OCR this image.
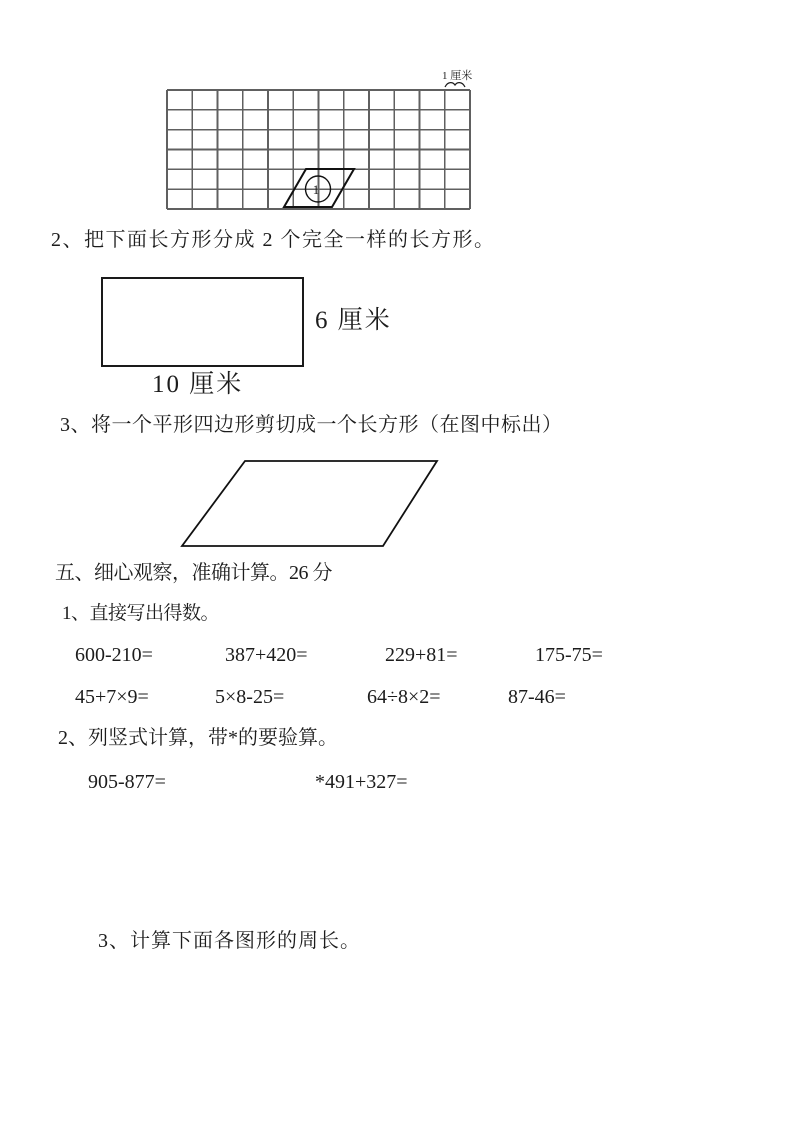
1 厘米
1
2、把下面长方形分成 2 个完全一样的长方形。
6 厘米
10 厘米
3、将一个平形四边形剪切成一个长方形（在图中标出）
五、细心观察，准确计算。26 分
1、直接写出得数。
600-210=	387+420=	229+81=	175-75=
45+7×9=	5×8-25=	64÷8×2=	87-46=
2、列竖式计算，带*的要验算。
905-877=	*491+327=
3、计算下面各图形的周长。
